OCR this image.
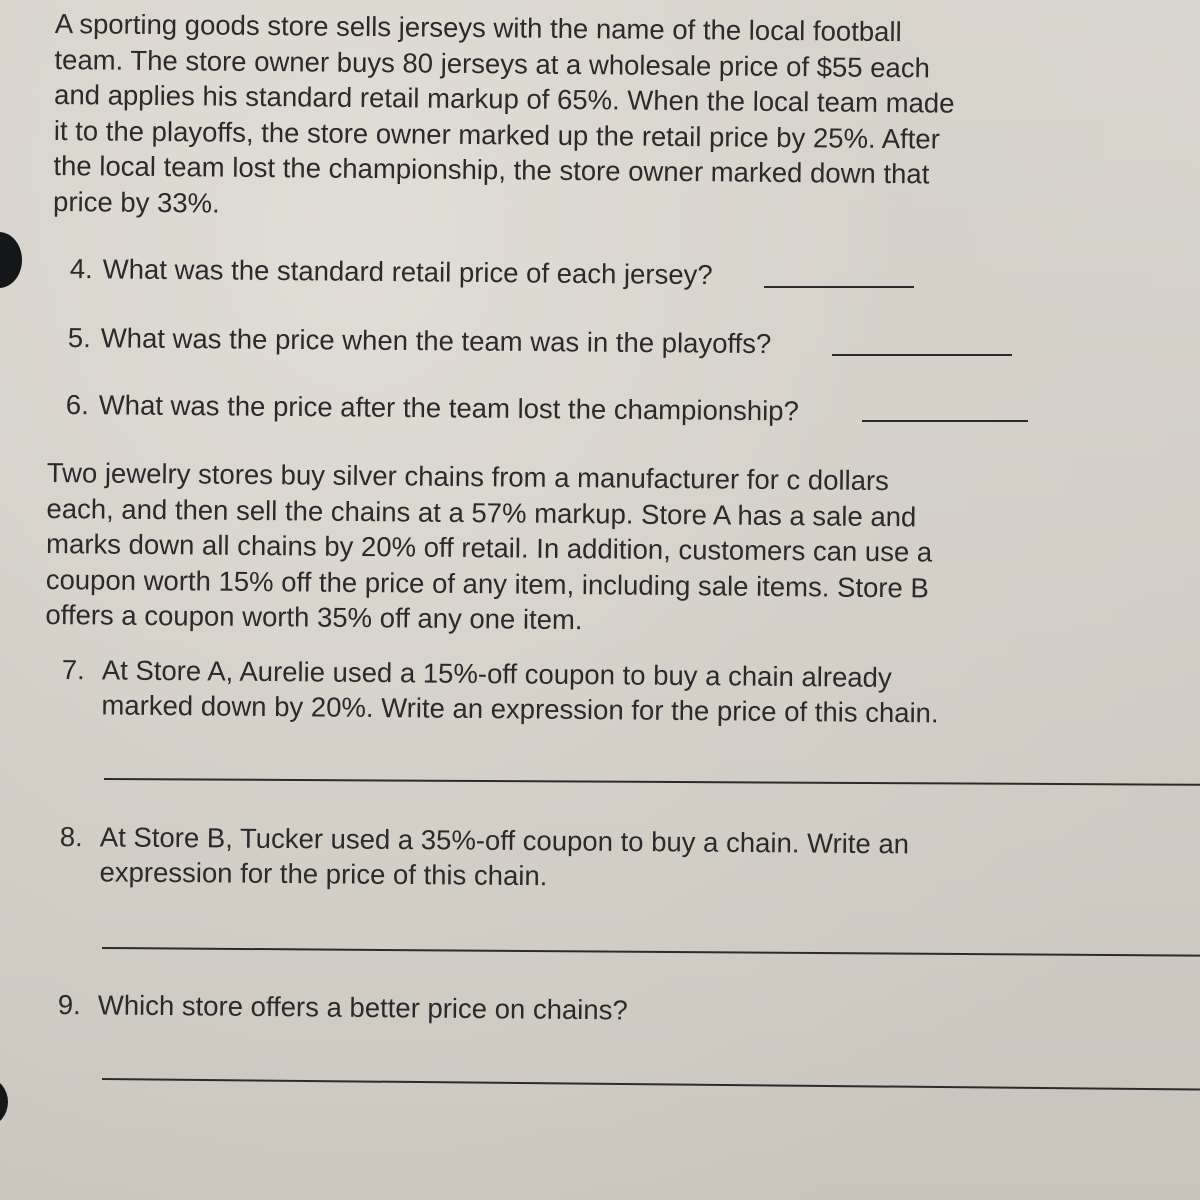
A sporting goods store sells jerseys with the name of the local football
team. The store owner buys 80 jerseys at a wholesale price of $55 each
and applies his standard retail markup of 65%. When the local team made
it to the playoffs, the store owner marked up the retail price by 25%. After
the local team lost the championship, the store owner marked down that
price by 33%.
4. What was the standard retail price of each jersey?
5. What was the price when the team was in the playoffs?
6. What was the price after the team lost the championship?
Two jewelry stores buy silver chains from a manufacturer for c dollars
each, and then sell the chains at a 57% markup. Store A has a sale and
marks down all chains by 20% off retail. In addition, customers can use a
coupon worth 15% off the price of any item, including sale items. Store B
offers a coupon worth 35% off any one item.
7. At Store A, Aurelie used a 15%-off coupon to buy a chain already
marked down by 20%. Write an expression for the price of this chain.
8. At Store B, Tucker used a 35%-off coupon to buy a chain. Write an
expression for the price of this chain.
9. Which store offers a better price on chains?
